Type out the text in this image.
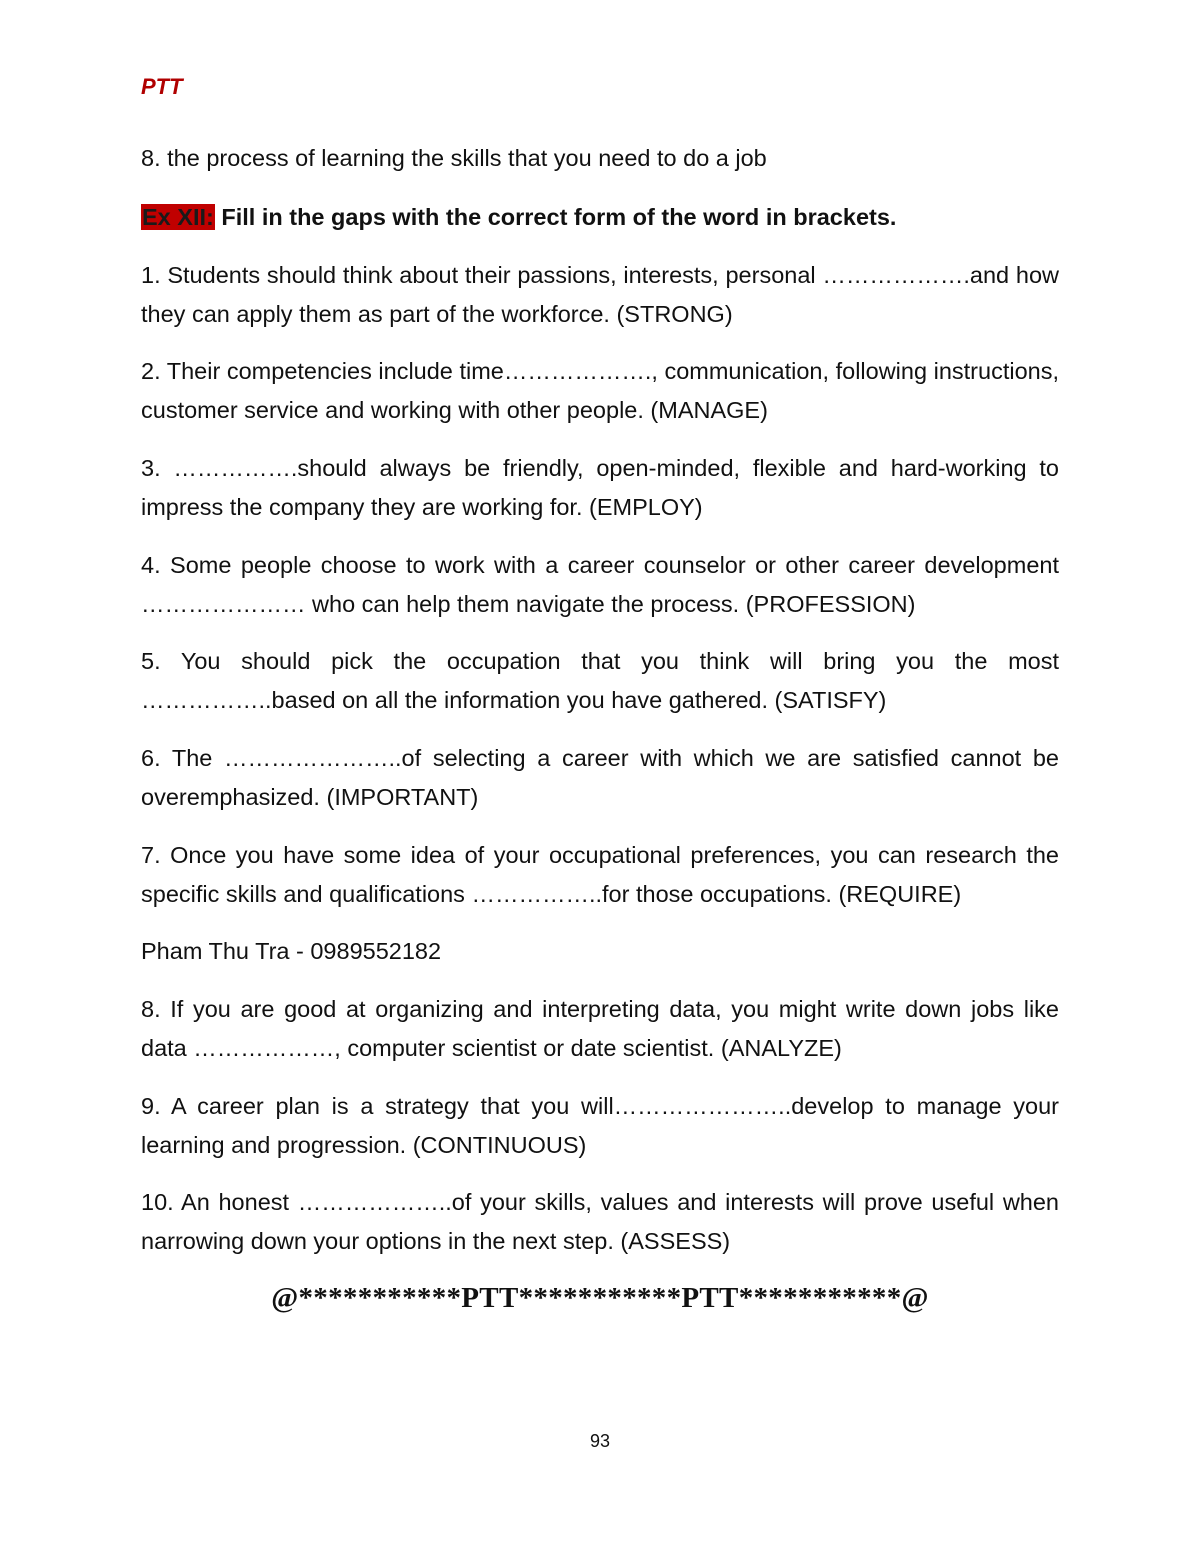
PTT

8. the process of learning the skills that you need to do a job

Ex XII: Fill in the gaps with the correct form of the word in brackets.

1. Students should think about their passions, interests, personal ……………….and how they can apply them as part of the workforce. (STRONG)

2. Their competencies include time………………., communication, following instructions, customer service and working with other people. (MANAGE)

3. …………….should always be friendly, open-minded, flexible and hard-working to impress the company they are working for. (EMPLOY)

4. Some people choose to work with a career counselor or other career development ………………… who can help them navigate the process. (PROFESSION)

5. You should pick the occupation that you think will bring you the most ……………..based on all the information you have gathered. (SATISFY)

6. The …………………..of selecting a career with which we are satisfied cannot be overemphasized. (IMPORTANT)

7. Once you have some idea of your occupational preferences, you can research the specific skills and qualifications ……………..for those occupations. (REQUIRE)

Pham Thu Tra - 0989552182

8. If you are good at organizing and interpreting data, you might write down jobs like data ………………, computer scientist or date scientist. (ANALYZE)

9. A career plan is a strategy that you will…………………..develop to manage your learning and progression. (CONTINUOUS)

10. An honest ………………..of your skills, values and interests will prove useful when narrowing down your options in the next step. (ASSESS)

@***********PTT***********PTT***********@
93
